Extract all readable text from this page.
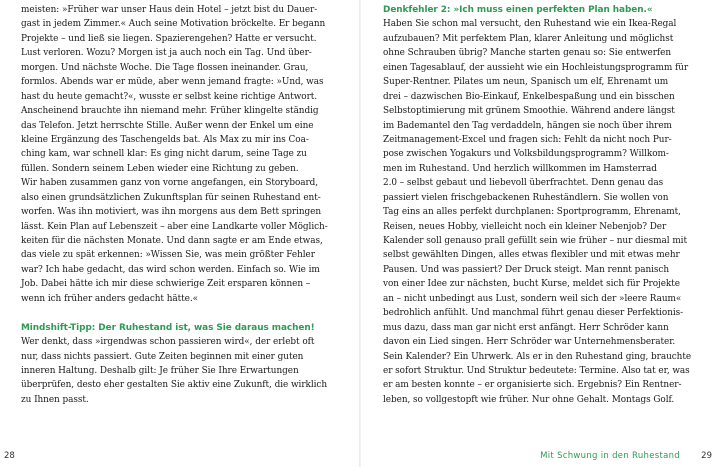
meisten: »Früher war unser Haus dein Hotel – jetzt bist du Dauer-
gast in jedem Zimmer.« Auch seine Motivation bröckelte. Er begann
Projekte – und ließ sie liegen. Spazierengehen? Hatte er versucht.
Lust verloren. Wozu? Morgen ist ja auch noch ein Tag. Und über-
morgen. Und nächste Woche. Die Tage flossen ineinander. Grau,
formlos. Abends war er müde, aber wenn jemand fragte: »Und, was
hast du heute gemacht?«, wusste er selbst keine richtige Antwort.
Anscheinend brauchte ihn niemand mehr. Früher klingelte ständig
das Telefon. Jetzt herrschte Stille. Außer wenn der Enkel um eine
kleine Ergänzung des Taschengelds bat. Als Max zu mir ins Coa-
ching kam, war schnell klar: Es ging nicht darum, seine Tage zu
füllen. Sondern seinem Leben wieder eine Richtung zu geben.
Wir haben zusammen ganz von vorne angefangen, ein Storyboard,
also einen grundsätzlichen Zukunftsplan für seinen Ruhestand ent-
worfen. Was ihn motiviert, was ihn morgens aus dem Bett springen
lässt. Kein Plan auf Lebenszeit – aber eine Landkarte voller Möglich-
keiten für die nächsten Monate. Und dann sagte er am Ende etwas,
das viele zu spät erkennen: »Wissen Sie, was mein größter Fehler
war? Ich habe gedacht, das wird schon werden. Einfach so. Wie im
Job. Dabei hätte ich mir diese schwierige Zeit ersparen können –
wenn ich früher anders gedacht hätte.«
Mindshift-Tipp: Der Ruhestand ist, was Sie daraus machen!
Wer denkt, dass »irgendwas schon passieren wird«, der erlebt oft
nur, dass nichts passiert. Gute Zeiten beginnen mit einer guten
inneren Haltung. Deshalb gilt: Je früher Sie Ihre Erwartungen
überprüfen, desto eher gestalten Sie aktiv eine Zukunft, die wirklich
zu Ihnen passt.
28
Denkfehler 2: »Ich muss einen perfekten Plan haben.«
Haben Sie schon mal versucht, den Ruhestand wie ein Ikea-Regal
aufzubauen? Mit perfektem Plan, klarer Anleitung und möglichst
ohne Schrauben übrig? Manche starten genau so: Sie entwerfen
einen Tagesablauf, der aussieht wie ein Hochleistungsprogramm für
Super-Rentner. Pilates um neun, Spanisch um elf, Ehrenamt um
drei – dazwischen Bio-Einkauf, Enkelbespaßung und ein bisschen
Selbstoptimierung mit grünem Smoothie. Während andere längst
im Bademantel den Tag verdaddeln, hängen sie noch über ihrem
Zeitmanagement-Excel und fragen sich: Fehlt da nicht noch Pur-
pose zwischen Yogakurs und Volksbildungsprogramm? Willkom-
men im Ruhestand. Und herzlich willkommen im Hamsterrad
2.0 – selbst gebaut und liebevoll überfrachtet. Denn genau das
passiert vielen frischgebackenen Ruheständlern. Sie wollen von
Tag eins an alles perfekt durchplanen: Sportprogramm, Ehrenamt,
Reisen, neues Hobby, vielleicht noch ein kleiner Nebenjob? Der
Kalender soll genauso prall gefüllt sein wie früher – nur diesmal mit
selbst gewählten Dingen, alles etwas flexibler und mit etwas mehr
Pausen. Und was passiert? Der Druck steigt. Man rennt panisch
von einer Idee zur nächsten, bucht Kurse, meldet sich für Projekte
an – nicht unbedingt aus Lust, sondern weil sich der »leere Raum«
bedrohlich anfühlt. Und manchmal führt genau dieser Perfektionis-
mus dazu, dass man gar nicht erst anfängt. Herr Schröder kann
davon ein Lied singen. Herr Schröder war Unternehmensberater.
Sein Kalender? Ein Uhrwerk. Als er in den Ruhestand ging, brauchte
er sofort Struktur. Und Struktur bedeutete: Termine. Also tat er, was
er am besten konnte – er organisierte sich. Ergebnis? Ein Rentner-
leben, so vollgestopft wie früher. Nur ohne Gehalt. Montags Golf.
Mit Schwung in den Ruhestand 29
